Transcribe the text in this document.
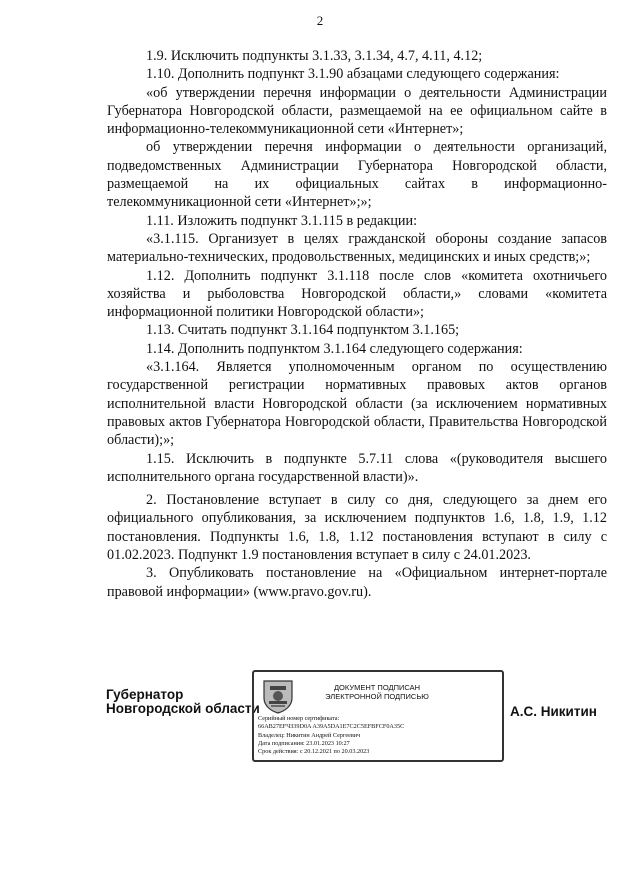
2

1.9. Исключить подпункты 3.1.33, 3.1.34, 4.7, 4.11, 4.12;

1.10. Дополнить подпункт 3.1.90 абзацами следующего содержания:

«об утверждении перечня информации о деятельности Администрации Губернатора Новгородской области, размещаемой на ее официальном сайте в информационно-телекоммуникационной сети «Интернет»;

об утверждении перечня информации о деятельности организаций, подведомственных Администрации Губернатора Новгородской области, размещаемой на их официальных сайтах в информационно-телекоммуникационной сети «Интернет»;»;

1.11. Изложить подпункт 3.1.115 в редакции:

«3.1.115. Организует в целях гражданской обороны создание запасов материально-технических, продовольственных, медицинских и иных средств;»;

1.12. Дополнить подпункт 3.1.118 после слов «комитета охотничьего хозяйства и рыболовства Новгородской области,» словами «комитета информационной политики Новгородской области»;

1.13. Считать подпункт 3.1.164 подпунктом 3.1.165;

1.14. Дополнить подпунктом 3.1.164 следующего содержания:

«3.1.164. Является уполномоченным органом по осуществлению государственной регистрации нормативных правовых актов органов исполнительной власти Новгородской области (за исключением нормативных правовых актов Губернатора Новгородской области, Правительства Новгородской области);»;

1.15. Исключить в подпункте 5.7.11 слова «(руководителя высшего исполнительного органа государственной власти)».

2. Постановление вступает в силу со дня, следующего за днем его официального опубликования, за исключением подпунктов 1.6, 1.8, 1.9, 1.12 постановления. Подпункты 1.6, 1.8, 1.12 постановления вступают в силу с 01.02.2023. Подпункт 1.9 постановления вступает в силу с 24.01.2023.

3. Опубликовать постановление на «Официальном интернет-портале правовой информации» (www.pravo.gov.ru).

Губернатор
Новгородской области
ДОКУМЕНТ ПОДПИСАН
ЭЛЕКТРОННОЙ ПОДПИСЬЮ
Серийный номер сертификата:
66AB27EFЧЗ39D0A A39A5DA1E7C2C5EFBFCF0A35C
Владелец: Никитин Андрей Сергеевич
Дата подписания: 23.01.2023 10:27
Срок действия: с 20.12.2021 по 20.03.2023
А.С. Никитин
